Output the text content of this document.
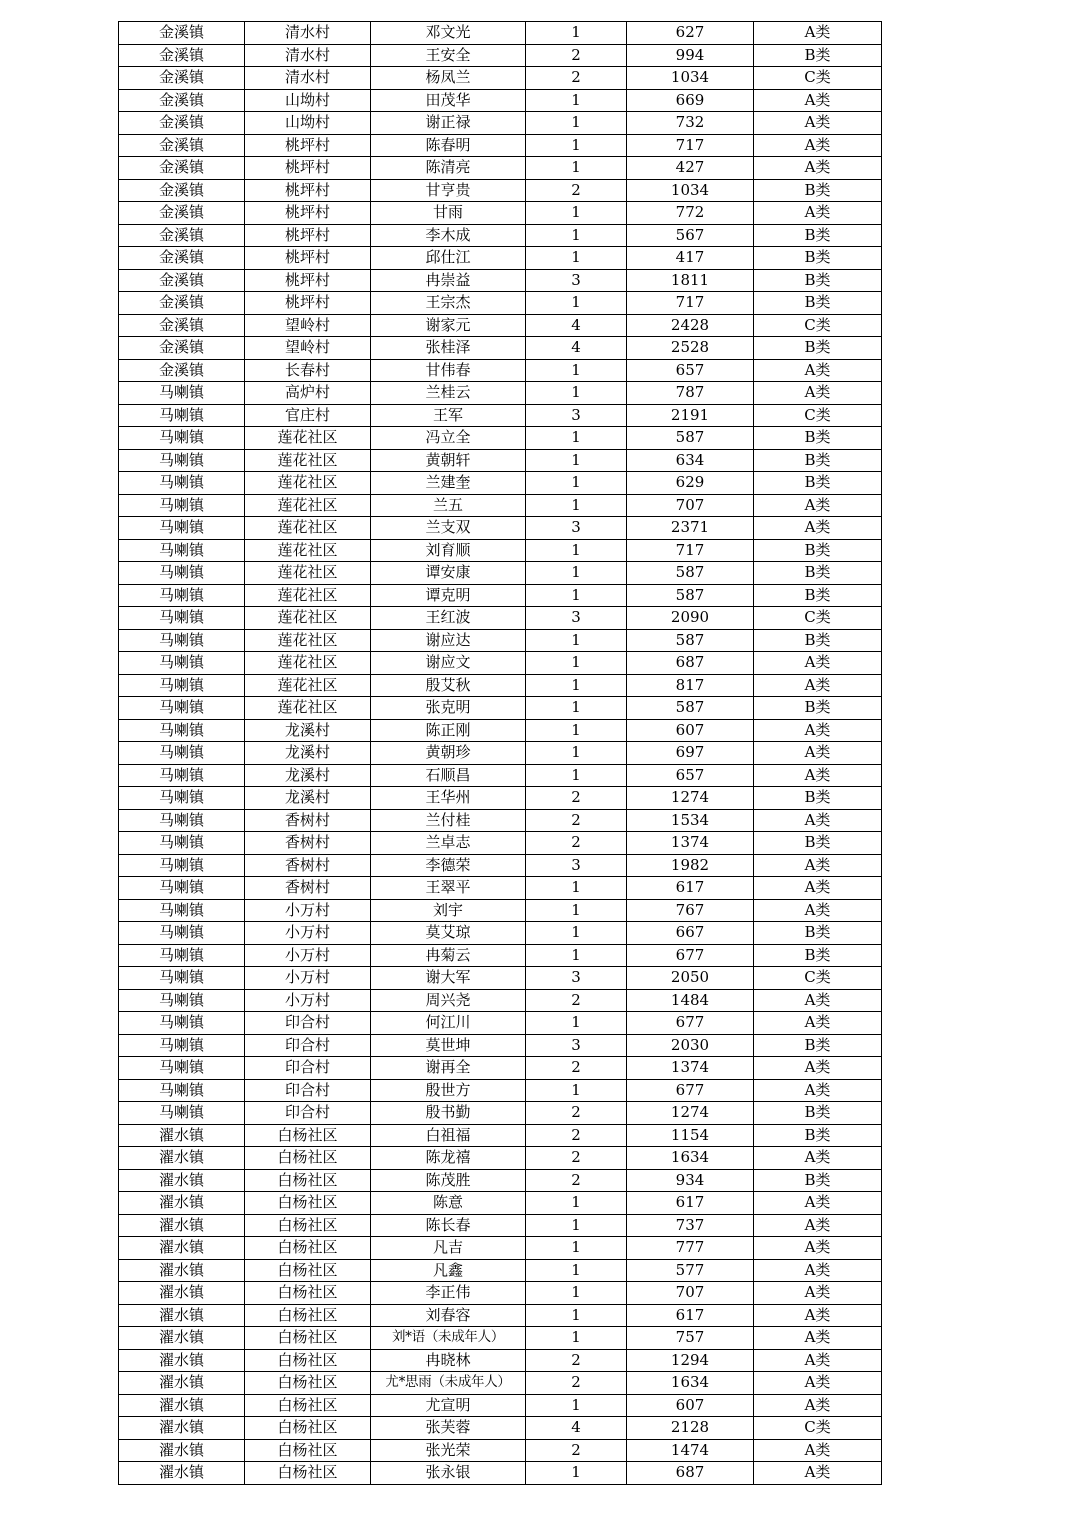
金溪镇	清水村	邓文光	1	627	A类
金溪镇	清水村	王安全	2	994	B类
金溪镇	清水村	杨凤兰	2	1034	C类
金溪镇	山坳村	田茂华	1	669	A类
金溪镇	山坳村	谢正禄	1	732	A类
金溪镇	桃坪村	陈春明	1	717	A类
金溪镇	桃坪村	陈清亮	1	427	A类
金溪镇	桃坪村	甘亨贵	2	1034	B类
金溪镇	桃坪村	甘雨	1	772	A类
金溪镇	桃坪村	李木成	1	567	B类
金溪镇	桃坪村	邱仕江	1	417	B类
金溪镇	桃坪村	冉崇益	3	1811	B类
金溪镇	桃坪村	王宗杰	1	717	B类
金溪镇	望岭村	谢家元	4	2428	C类
金溪镇	望岭村	张桂泽	4	2528	B类
金溪镇	长春村	甘伟春	1	657	A类
马喇镇	高炉村	兰桂云	1	787	A类
马喇镇	官庄村	王军	3	2191	C类
马喇镇	莲花社区	冯立全	1	587	B类
马喇镇	莲花社区	黄朝轩	1	634	B类
马喇镇	莲花社区	兰建奎	1	629	B类
马喇镇	莲花社区	兰五	1	707	A类
马喇镇	莲花社区	兰支双	3	2371	A类
马喇镇	莲花社区	刘育顺	1	717	B类
马喇镇	莲花社区	谭安康	1	587	B类
马喇镇	莲花社区	谭克明	1	587	B类
马喇镇	莲花社区	王红波	3	2090	C类
马喇镇	莲花社区	谢应达	1	587	B类
马喇镇	莲花社区	谢应文	1	687	A类
马喇镇	莲花社区	殷艾秋	1	817	A类
马喇镇	莲花社区	张克明	1	587	B类
马喇镇	龙溪村	陈正刚	1	607	A类
马喇镇	龙溪村	黄朝珍	1	697	A类
马喇镇	龙溪村	石顺昌	1	657	A类
马喇镇	龙溪村	王华州	2	1274	B类
马喇镇	香树村	兰付桂	2	1534	A类
马喇镇	香树村	兰卓志	2	1374	B类
马喇镇	香树村	李德荣	3	1982	A类
马喇镇	香树村	王翠平	1	617	A类
马喇镇	小万村	刘宇	1	767	A类
马喇镇	小万村	莫艾琼	1	667	B类
马喇镇	小万村	冉菊云	1	677	B类
马喇镇	小万村	谢大军	3	2050	C类
马喇镇	小万村	周兴尧	2	1484	A类
马喇镇	印合村	何江川	1	677	A类
马喇镇	印合村	莫世坤	3	2030	B类
马喇镇	印合村	谢再全	2	1374	A类
马喇镇	印合村	殷世方	1	677	A类
马喇镇	印合村	殷书勤	2	1274	B类
濯水镇	白杨社区	白祖福	2	1154	B类
濯水镇	白杨社区	陈龙禧	2	1634	A类
濯水镇	白杨社区	陈茂胜	2	934	B类
濯水镇	白杨社区	陈意	1	617	A类
濯水镇	白杨社区	陈长春	1	737	A类
濯水镇	白杨社区	凡吉	1	777	A类
濯水镇	白杨社区	凡鑫	1	577	A类
濯水镇	白杨社区	李正伟	1	707	A类
濯水镇	白杨社区	刘春容	1	617	A类
濯水镇	白杨社区	刘*语（未成年人）	1	757	A类
濯水镇	白杨社区	冉晓林	2	1294	A类
濯水镇	白杨社区	尤*思雨（未成年人）	2	1634	A类
濯水镇	白杨社区	尤宣明	1	607	A类
濯水镇	白杨社区	张芙蓉	4	2128	C类
濯水镇	白杨社区	张光荣	2	1474	A类
濯水镇	白杨社区	张永银	1	687	A类
